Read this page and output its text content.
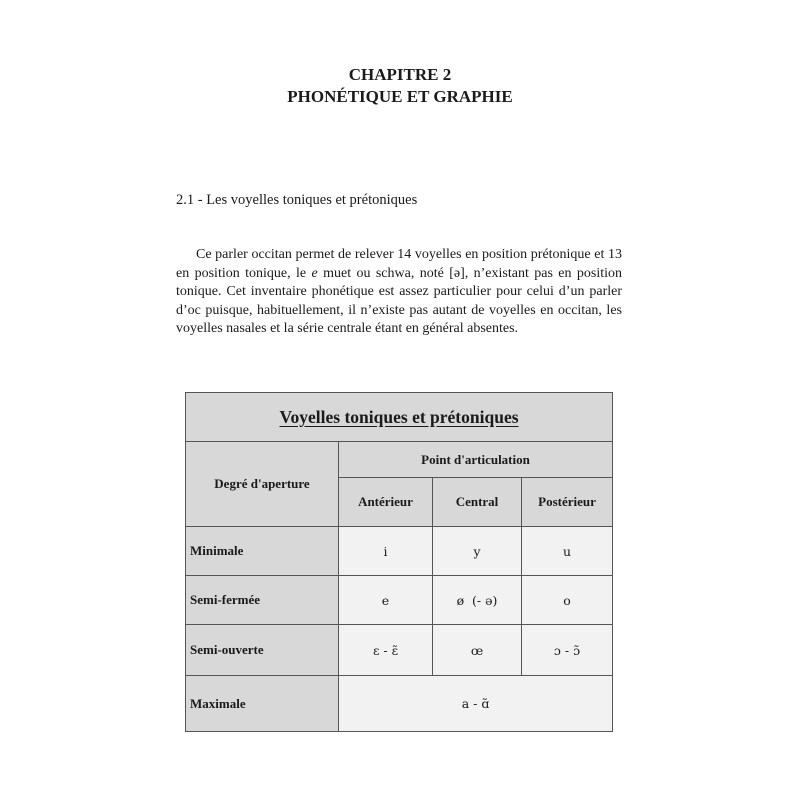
CHAPITRE 2
PHONÉTIQUE ET GRAPHIE
2.1 - Les voyelles toniques et prétoniques

Ce parler occitan permet de relever 14 voyelles en position prétonique et 13 en position tonique, le e muet ou schwa, noté [ə], n’existant pas en position tonique. Cet inventaire phonétique est assez particulier pour celui d’un parler d’oc puisque, habituellement, il n’existe pas autant de voyelles en occitan, les voyelles nasales et la série centrale étant en général absentes.

Voyelles toniques et prétoniques			
Degré d'aperture	Point d'articulation		
	Antérieur	Central	Postérieur
Minimale	i	y	u
Semi-fermée	e	ø  (- ə)	o
Semi-ouverte	ɛ - ɛ̃	œ	ɔ - ɔ̃
Maximale	a - ɑ̃		
